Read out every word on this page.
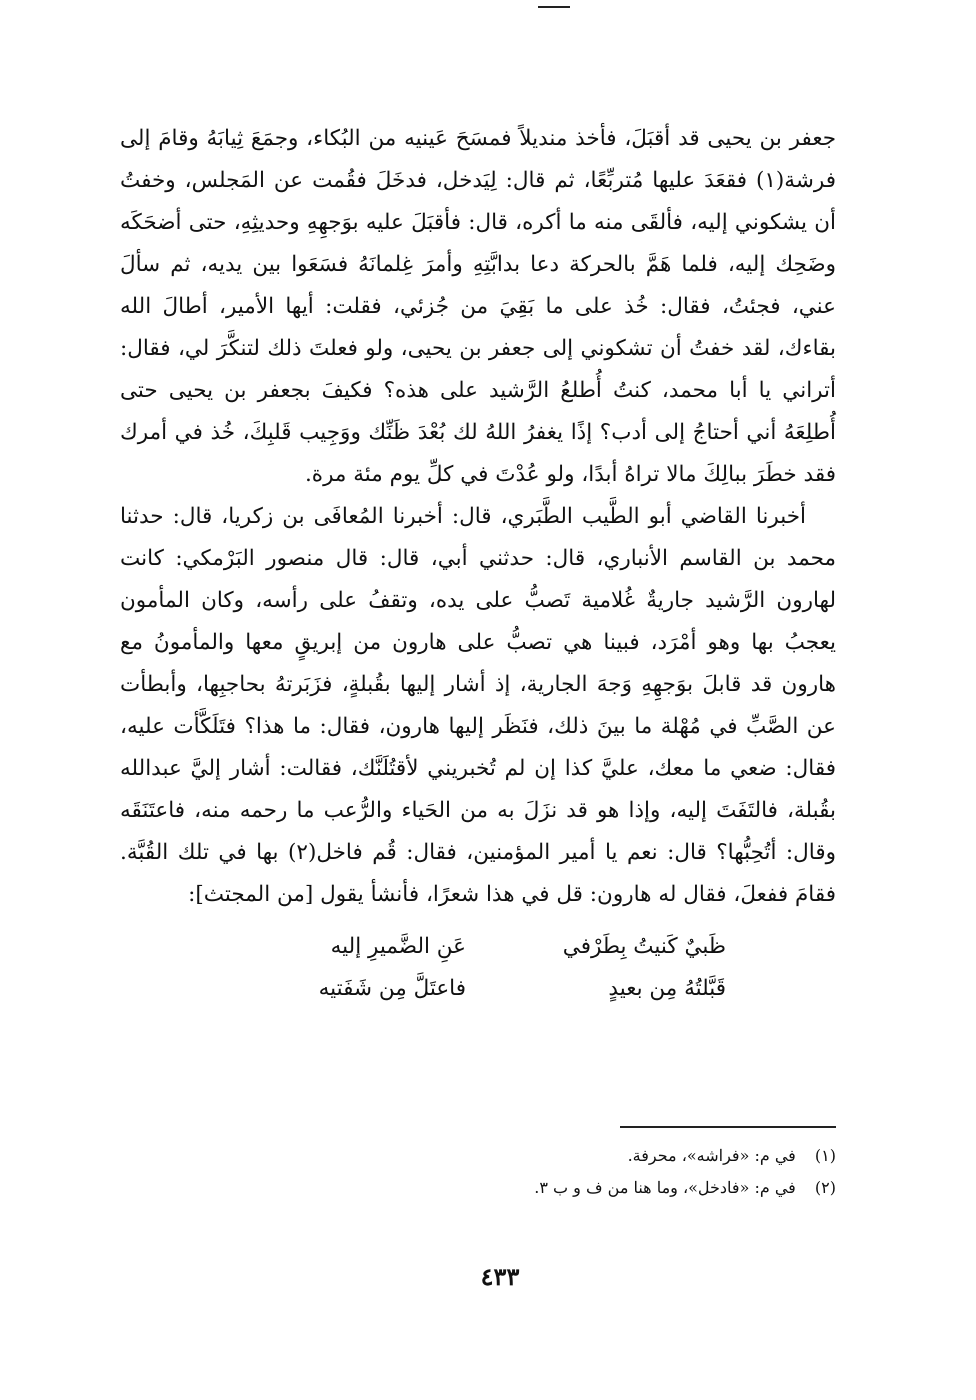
جعفر بن يحيى قد أقبَلَ، فأخذ منديلاً فمسَحَ عَينيه من البُكاء، وجمَعَ ثِيابَهُ وقامَ إلى فرشة(١) فقعَدَ عليها مُتربِّعًا، ثم قال: لِيَدخل، فدخَلَ فقُمت عن المَجلس، وخفتُ أن يشكوني إليه، فألقَى منه ما أكره، قال: فأقبَلَ عليه بوَجهِهِ وحديثِهِ، حتى أضحَكَه وضَحِك إليه، فلما هَمَّ بالحركة دعا بدابَّتِهِ وأمرَ غِلمانَهُ فسَعَوا بين يديه، ثم سألَ عني، فجئتُ، فقال: خُذ على ما بَقِيَ من جُزئي، فقلت: أيها الأمير، أطالَ الله بقاءك، لقد خفتُ أن تشكوني إلى جعفر بن يحيى، ولو فعلتَ ذلك لتنكَّرَ لي، فقال: أتراني يا أبا محمد، كنتُ أُطلعُ الرَّشيد على هذه؟ فكيفَ بجعفر بن يحيى حتى أُطلِعَهُ أني أحتاجُ إلى أدب؟ إذًا يغفرُ اللهُ لك بُعْدَ ظَنِّك ووَجِيب قَلبِكَ، خُذ في أمرك فقد خطَرَ ببالِكَ مالا تراهُ أبدًا، ولو عُدْتَ في كلِّ يوم مئة مرة.

أخبرنا القاضي أبو الطَّيب الطَّبَري، قال: أخبرنا المُعافَى بن زكريا، قال: حدثنا محمد بن القاسم الأنباري، قال: حدثني أبي، قال: قال منصور البَرْمكي: كانت لهارون الرَّشيد جاريةٌ غُلامية تَصبُّ على يده، وتقفُ على رأسه، وكان المأمون يعجبُ بها وهو أمْرَد، فبينا هي تصبُّ على هارون من إبريقٍ معها والمأمونُ مع هارون قد قابلَ بوَجهِهِ وَجهَ الجارية، إذ أشار إليها بقُبلةٍ، فزَبَرتهُ بحاجبِها، وأبطأت عن الصَّبِّ في مُهْلة ما بينَ ذلك، فنَظَر إليها هارون، فقال: ما هذا؟ فتَلَكَّأت عليه، فقال: ضعي ما معك، عليَّ كذا إن لم تُخبريني لأقتُلَنَّك، فقالت: أشار إليَّ عبدالله بقُبلة، فالتَفَتَ إليه، وإذا هو قد نزَلَ به من الحَياء والرُّعب ما رحمه منه، فاعتَنَقَه وقال: أتُحِبُّها؟ قال: نعم يا أمير المؤمنين، فقال: قُم فاخل(٢) بها في تلك القُبَّة. فقامَ ففعلَ، فقال له هارون: قل في هذا شعرًا، فأنشأ يقول [من المجتث]:

ظَبيٌ كَنيتُ بِطَرْفي
عَنِ الضَّميرِ إليه
قَبَّلتُهُ مِن بعيدٍ
فاعتَلَّ مِن شَفَتيه

(١) في م: «فراشه»، محرفة.

(٢) في م: «فادخل»، وما هنا من ف و ب ٣.

٤٣٣
